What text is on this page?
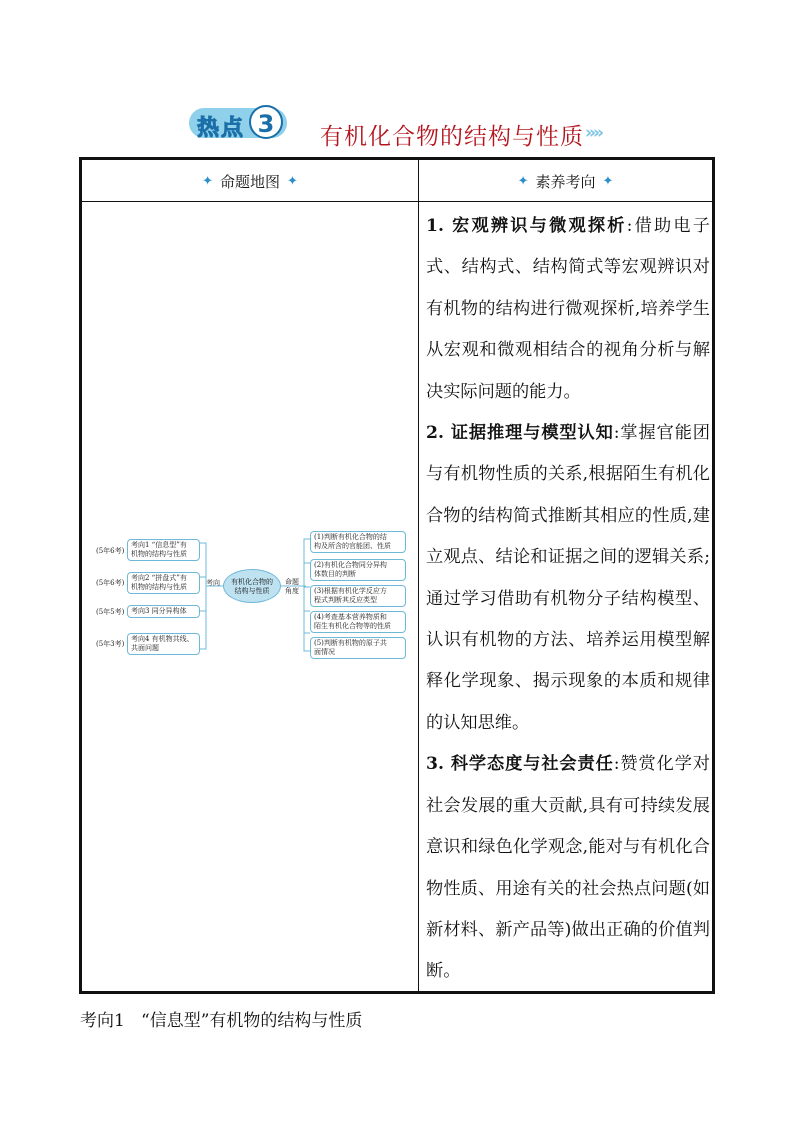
热点 3	有机化合物的结构与性质 »»
✦ 命题地图 ✦	✦ 素养考向 ✦
(5年6考)
考向1 “信息型”有
机物的结构与性质
(5年6考)
考向2 “拼盘式”有
机物的结构与性质
(5年5考) 考向3 同分异构体
(5年3考)
考向4 有机物共线、
共面问题
考向	有机化合物的
结构与性质
命题
角度
(1)判断有机化合物的结
构及所含的官能团、性质
(2)有机化合物同分异构
体数目的判断
(3)根据有机化学反应方
程式判断其反应类型
(4)考查基本营养物质和
陌生有机化合物等的性质
(5)判断有机物的原子共
面情况

1. 宏观辨识与微观探析:借助电子式、结构式、结构简式等宏观辨识对有机物的结构进行微观探析,培养学生从宏观和微观相结合的视角分析与解决实际问题的能力。

2. 证据推理与模型认知:掌握官能团与有机物性质的关系,根据陌生有机化合物的结构简式推断其相应的性质,建立观点、结论和证据之间的逻辑关系;通过学习借助有机物分子结构模型、认识有机物的方法、培养运用模型解释化学现象、揭示现象的本质和规律的认知思维。

3. 科学态度与社会责任:赞赏化学对社会发展的重大贡献,具有可持续发展意识和绿色化学观念,能对与有机化合物性质、用途有关的社会热点问题(如新材料、新产品等)做出正确的价值判断。

考向1   “信息型”有机物的结构与性质
